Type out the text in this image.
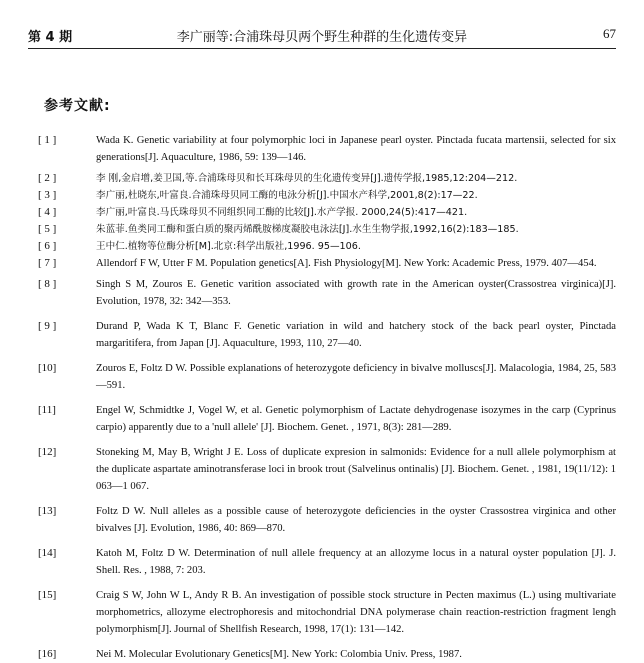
第 4 期	李广丽等:合浦珠母贝两个野生种群的生化遗传变异	67
参考文献:
[ 1 ]	Wada K. Genetic variability at four polymorphic loci in Japanese pearl oyster. Pinctada fucata martensii, selected for six generations[J]. Aquaculture, 1986, 59: 139—146.
[ 2 ]	李 刚,金启增,姜卫国,等.合浦珠母贝和长耳珠母贝的生化遗传变异[J].遗传学报,1985,12:204—212.
[ 3 ]	李广丽,杜晓东,叶富良.合浦珠母贝同工酶的电泳分析[J].中国水产科学,2001,8(2):17—22.
[ 4 ]	李广丽,叶富良.马氏珠母贝不同组织同工酶的比较[J].水产学报. 2000,24(5):417—421.
[ 5 ]	朱蓝菲.鱼类同工酶和蛋白质的聚丙烯酰胺梯度凝胶电泳法[J].水生生物学报,1992,16(2):183—185.
[ 6 ]	王中仁.植物等位酶分析[M].北京:科学出版社,1996. 95—106.
[ 7 ]	Allendorf F W, Utter F M. Population genetics[A]. Fish Physiology[M]. New York: Academic Press, 1979. 407—454.
[ 8 ]	Singh S M, Zouros E. Genetic varition associated with growth rate in the American oyster(Crassostrea virginica)[J]. Evolution, 1978, 32: 342—353.
[ 9 ]	Durand P, Wada K T, Blanc F. Genetic variation in wild and hatchery stock of the back pearl oyster, Pinctada margaritifera, from Japan [J]. Aquaculture, 1993, 110, 27—40.
[10]	Zouros E, Foltz D W. Possible explanations of heterozygote deficiency in bivalve molluscs[J]. Malacologia, 1984, 25, 583—591.
[11]	Engel W, Schmidtke J, Vogel W, et al. Genetic polymorphism of Lactate dehydrogenase isozymes in the carp (Cyprinus carpio) apparently due to a 'null allele' [J]. Biochem. Genet. , 1971, 8(3): 281—289.
[12]	Stoneking M, May B, Wright J E. Loss of duplicate expresion in salmonids: Evidence for a null allele polymorphism at the duplicate aspartate aminotransferase loci in brook trout (Salvelinus ontinalis) [J]. Biochem. Genet. , 1981, 19(11/12): 1 063—1 067.
[13]	Foltz D W. Null alleles as a possible cause of heterozygote deficiencies in the oyster Crassostrea virginica and other bivalves [J]. Evolution, 1986, 40: 869—870.
[14]	Katoh M, Foltz D W. Determination of null allele frequency at an allozyme locus in a natural oyster population [J]. J. Shell. Res. , 1988, 7: 203.
[15]	Craig S W, John W L, Andy R B. An investigation of possible stock structure in Pecten maximus (L.) using multivariate morphometrics, allozyme electrophoresis and mitochondrial DNA polymerase chain reaction-restriction fragment lengh polymorphism[J]. Journal of Shellfish Research, 1998, 17(1): 131—142.
[16]	Nei M. Molecular Evolutionary Genetics[M]. New York: Colombia Univ. Press, 1987.
